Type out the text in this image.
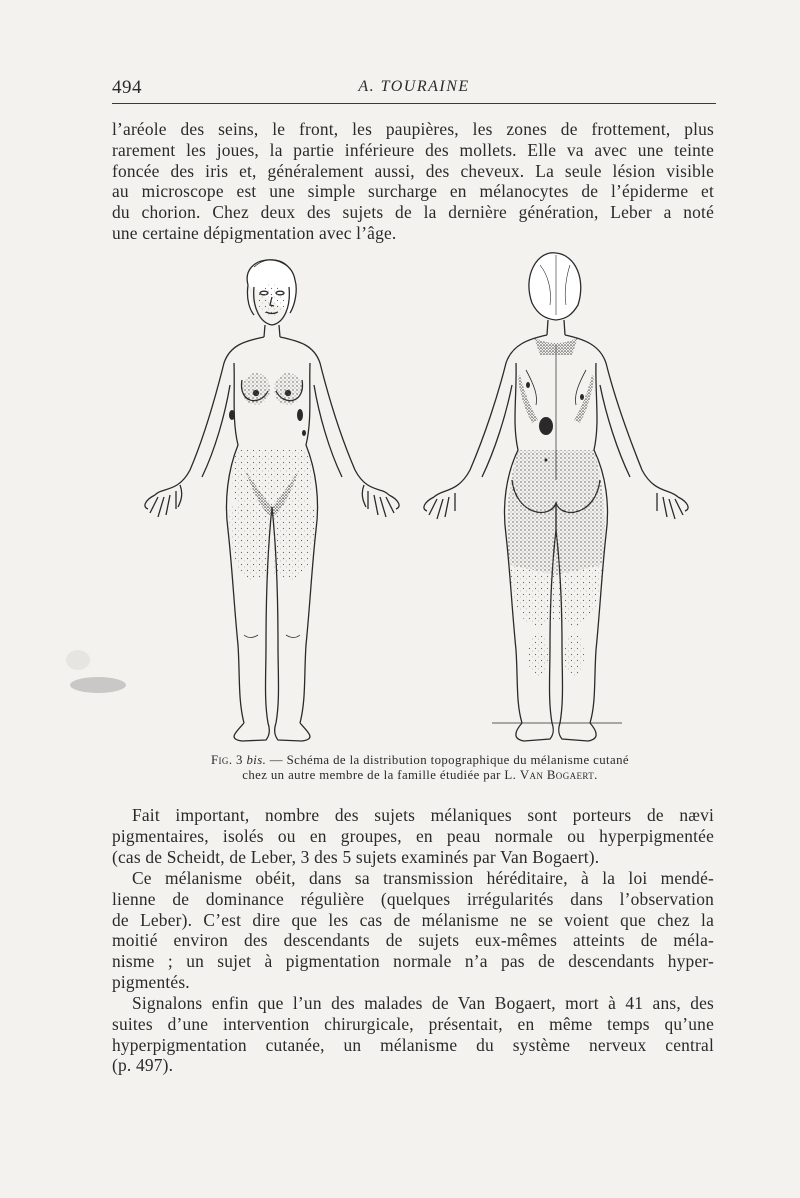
494	A. TOURAINE
l’aréole des seins, le front, les paupières, les zones de frottement, plus
rarement les joues, la partie inférieure des mollets. Elle va avec une teinte
foncée des iris et, généralement aussi, des cheveux. La seule lésion visible
au microscope est une simple surcharge en mélanocytes de l’épiderme et
du chorion. Chez deux des sujets de la dernière génération, Leber a noté
une certaine dépigmentation avec l’âge.
Fig. 3 bis. — Schéma de la distribution topographique du mélanisme cutané
chez un autre membre de la famille étudiée par L. Van Bogaert.
Fait important, nombre des sujets mélaniques sont porteurs de nævi
pigmentaires, isolés ou en groupes, en peau normale ou hyperpigmentée
(cas de Scheidt, de Leber, 3 des 5 sujets examinés par Van Bogaert).
Ce mélanisme obéit, dans sa transmission héréditaire, à la loi mendé-
lienne de dominance régulière (quelques irrégularités dans l’observation
de Leber). C’est dire que les cas de mélanisme ne se voient que chez la
moitié environ des descendants de sujets eux-mêmes atteints de méla-
nisme ; un sujet à pigmentation normale n’a pas de descendants hyper-
pigmentés.
Signalons enfin que l’un des malades de Van Bogaert, mort à 41 ans, des
suites d’une intervention chirurgicale, présentait, en même temps qu’une
hyperpigmentation cutanée, un mélanisme du système nerveux central
(p. 497).
